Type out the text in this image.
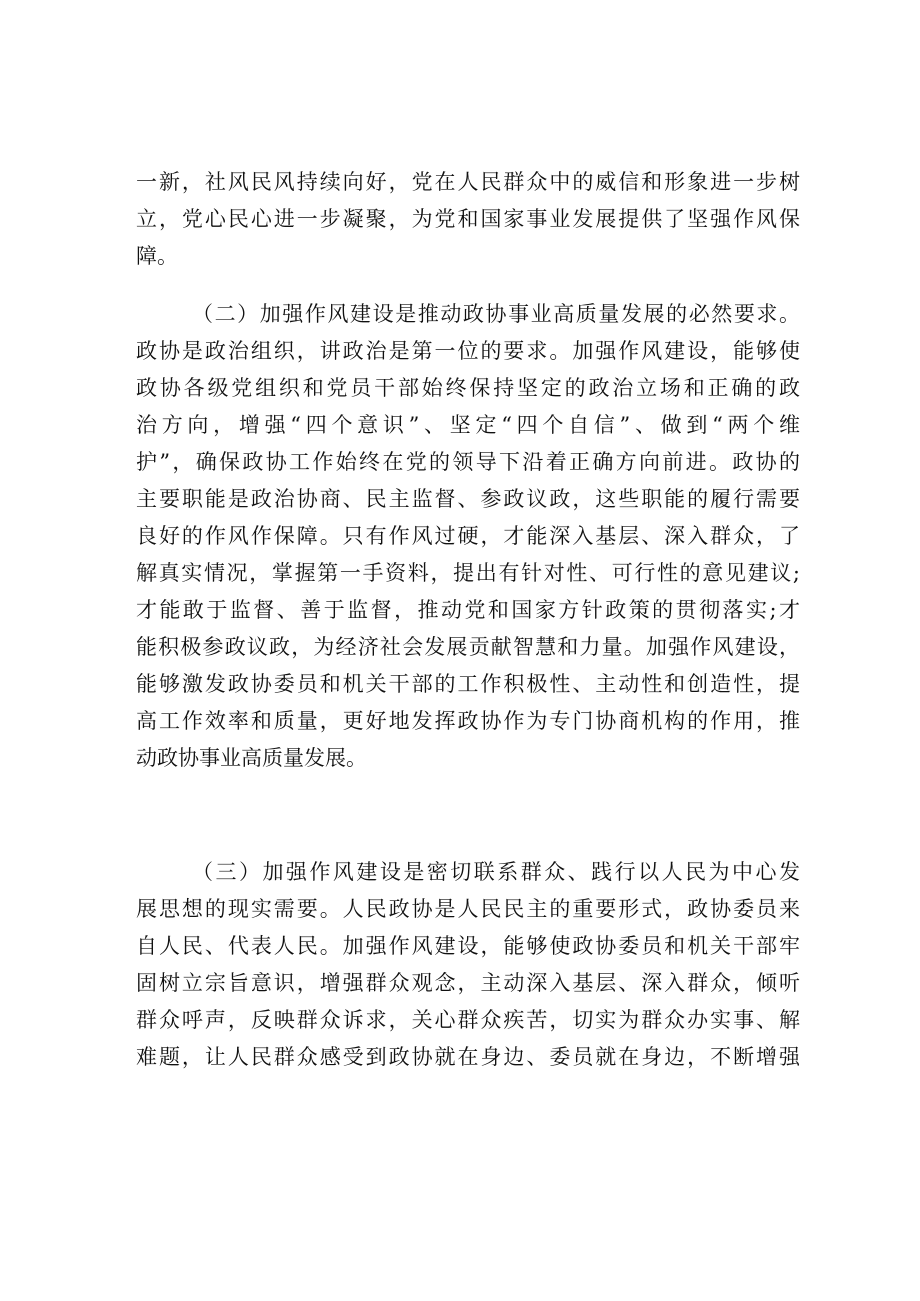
一新，社风民风持续向好，党在人民群众中的威信和形象进一步树
立，党心民心进一步凝聚，为党和国家事业发展提供了坚强作风保
障。
（二）加强作风建设是推动政协事业高质量发展的必然要求。
政协是政治组织，讲政治是第一位的要求。加强作风建设，能够使
政协各级党组织和党员干部始终保持坚定的政治立场和正确的政
治方向，增强“四个意识”、坚定“四个自信”、做到“两个维
护”，确保政协工作始终在党的领导下沿着正确方向前进。政协的
主要职能是政治协商、民主监督、参政议政，这些职能的履行需要
良好的作风作保障。只有作风过硬，才能深入基层、深入群众，了
解真实情况，掌握第一手资料，提出有针对性、可行性的意见建议;
才能敢于监督、善于监督，推动党和国家方针政策的贯彻落实;才
能积极参政议政，为经济社会发展贡献智慧和力量。加强作风建设，
能够激发政协委员和机关干部的工作积极性、主动性和创造性，提
高工作效率和质量，更好地发挥政协作为专门协商机构的作用，推
动政协事业高质量发展。
（三）加强作风建设是密切联系群众、践行以人民为中心发
展思想的现实需要。人民政协是人民民主的重要形式，政协委员来
自人民、代表人民。加强作风建设，能够使政协委员和机关干部牢
固树立宗旨意识，增强群众观念，主动深入基层、深入群众，倾听
群众呼声，反映群众诉求，关心群众疾苦，切实为群众办实事、解
难题，让人民群众感受到政协就在身边、委员就在身边，不断增强
